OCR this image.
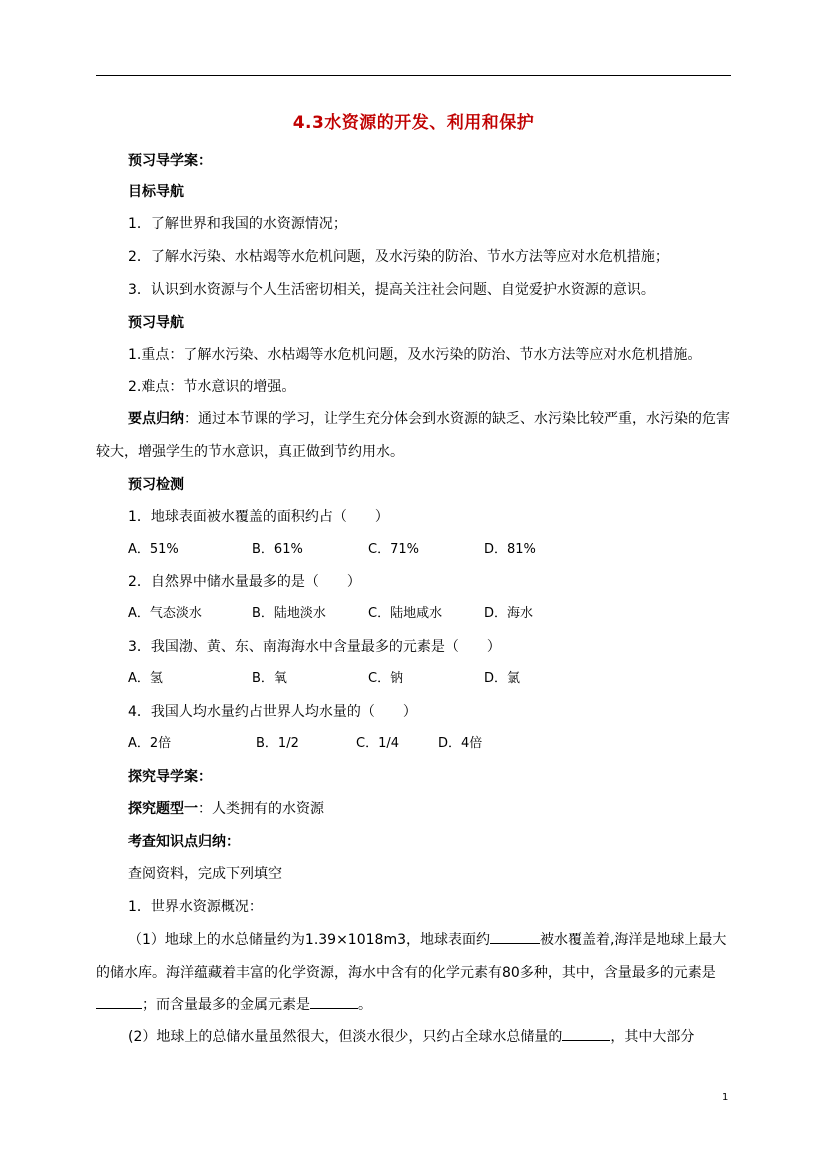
4.3水资源的开发、利用和保护
预习导学案：
目标导航
1．了解世界和我国的水资源情况；
2．了解水污染、水枯竭等水危机问题，及水污染的防治、节水方法等应对水危机措施；
3．认识到水资源与个人生活密切相关，提高关注社会问题、自觉爱护水资源的意识。
预习导航
1.重点：了解水污染、水枯竭等水危机问题，及水污染的防治、节水方法等应对水危机措施。
2.难点：节水意识的增强。
要点归纳：通过本节课的学习，让学生充分体会到水资源的缺乏、水污染比较严重，水污染的危害较大，增强学生的节水意识，真正做到节约用水。
预习检测
1．地球表面被水覆盖的面积约占（　　）
A．51%	B．61%	C．71%	D．81%
2．自然界中储水量最多的是（　　）
A．气态淡水	B．陆地淡水	C．陆地咸水	D．海水
3．我国渤、黄、东、南海海水中含量最多的元素是（　　）
A．氢	B．氧	C．钠	D．氯
4．我国人均水量约占世界人均水量的（　　）
A．2倍	B．1/2	C．1/4	D．4倍
探究导学案：
探究题型一：人类拥有的水资源
考查知识点归纳：
查阅资料，完成下列填空
1．世界水资源概况：
（1）地球上的水总储量约为1.39×1018m3，地球表面约	被水覆盖着,海洋是地球上最大的储水库。海洋蕴藏着丰富的化学资源，海水中含有的化学元素有80多种，其中，含量最多的元素是；而含量最多的金属元素是	。
(2）地球上的总储水量虽然很大，但淡水很少，只约占全球水总储量的	，其中大部分
1
